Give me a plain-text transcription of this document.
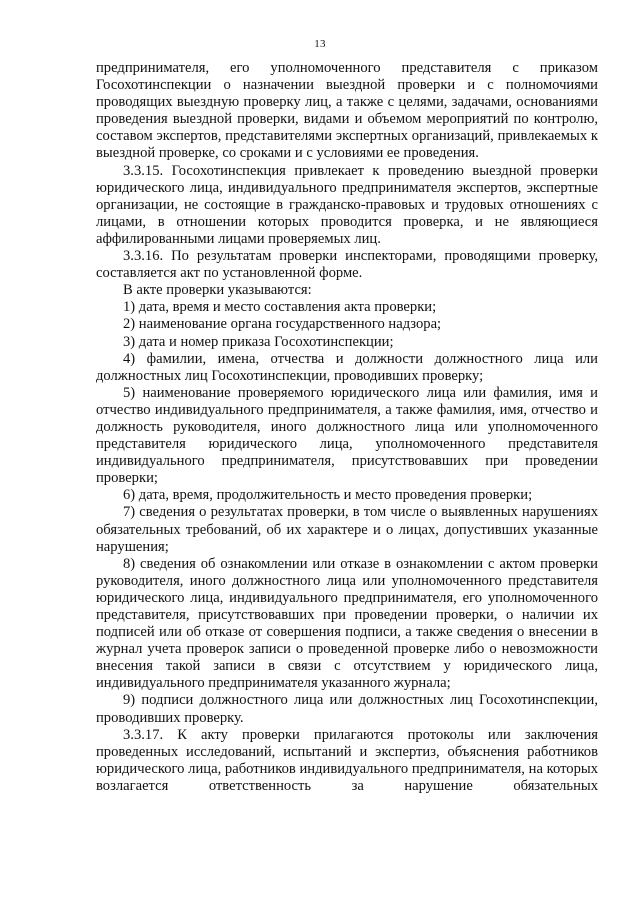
13

предпринимателя, его уполномоченного представителя с приказом Госохотинспекции о назначении выездной проверки и с полномочиями проводящих выездную проверку лиц, а также с целями, задачами, основаниями проведения выездной проверки, видами и объемом мероприятий по контролю, составом экспертов, представителями экспертных организаций, привлекаемых к выездной проверке, со сроками и с условиями ее проведения.

3.3.15. Госохотинспекция привлекает к проведению выездной проверки юридического лица, индивидуального предпринимателя экспертов, экспертные организации, не состоящие в гражданско-правовых и трудовых отношениях с лицами, в отношении которых проводится проверка, и не являющиеся аффилированными лицами проверяемых лиц.

3.3.16. По результатам проверки инспекторами, проводящими проверку, составляется акт по установленной форме.

В акте проверки указываются:

1) дата, время и место составления акта проверки;

2) наименование органа государственного надзора;

3) дата и номер приказа Госохотинспекции;

4) фамилии, имена, отчества и должности должностного лица или должностных лиц Госохотинспекции, проводивших проверку;

5) наименование проверяемого юридического лица или фамилия, имя и отчество индивидуального предпринимателя, а также фамилия, имя, отчество и должность руководителя, иного должностного лица или уполномоченного представителя юридического лица, уполномоченного представителя индивидуального предпринимателя, присутствовавших при проведении проверки;

6) дата, время, продолжительность и место проведения проверки;

7) сведения о результатах проверки, в том числе о выявленных нарушениях обязательных требований, об их характере и о лицах, допустивших указанные нарушения;

8) сведения об ознакомлении или отказе в ознакомлении с актом проверки руководителя, иного должностного лица или уполномоченного представителя юридического лица, индивидуального предпринимателя, его уполномоченного представителя, присутствовавших при проведении проверки, о наличии их подписей или об отказе от совершения подписи, а также сведения о внесении в журнал учета проверок записи о проведенной проверке либо о невозможности внесения такой записи в связи с отсутствием у юридического лица, индивидуального предпринимателя указанного журнала;

9) подписи должностного лица или должностных лиц Госохотинспекции, проводивших проверку.

3.3.17. К акту проверки прилагаются протоколы или заключения проведенных исследований, испытаний и экспертиз, объяснения работников юридического лица, работников индивидуального предпринимателя, на которых возлагается ответственность за нарушение обязательных
